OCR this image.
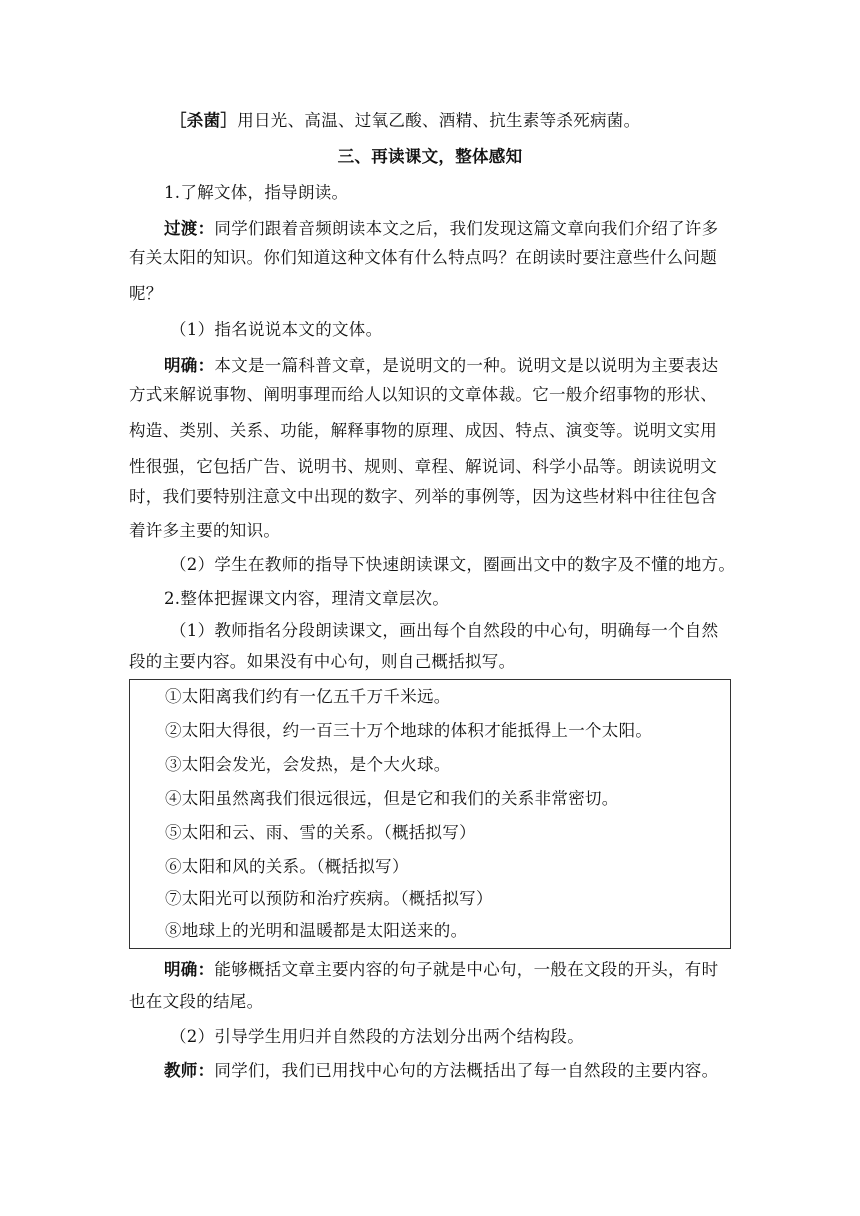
［杀菌］用日光、高温、过氧乙酸、酒精、抗生素等杀死病菌。
三、再读课文，整体感知
1.了解文体，指导朗读。
过渡：同学们跟着音频朗读本文之后，我们发现这篇文章向我们介绍了许多
有关太阳的知识。你们知道这种文体有什么特点吗？在朗读时要注意些什么问题
呢？
（1）指名说说本文的文体。
明确：本文是一篇科普文章，是说明文的一种。说明文是以说明为主要表达
方式来解说事物、阐明事理而给人以知识的文章体裁。它一般介绍事物的形状、
构造、类别、关系、功能，解释事物的原理、成因、特点、演变等。说明文实用
性很强，它包括广告、说明书、规则、章程、解说词、科学小品等。朗读说明文
时，我们要特别注意文中出现的数字、列举的事例等，因为这些材料中往往包含
着许多主要的知识。
（2）学生在教师的指导下快速朗读课文，圈画出文中的数字及不懂的地方。
2.整体把握课文内容，理清文章层次。
（1）教师指名分段朗读课文，画出每个自然段的中心句，明确每一个自然
段的主要内容。如果没有中心句，则自己概括拟写。
①太阳离我们约有一亿五千万千米远。
②太阳大得很，约一百三十万个地球的体积才能抵得上一个太阳。
③太阳会发光，会发热，是个大火球。
④太阳虽然离我们很远很远，但是它和我们的关系非常密切。
⑤太阳和云、雨、雪的关系。（概括拟写）
⑥太阳和风的关系。（概括拟写）
⑦太阳光可以预防和治疗疾病。（概括拟写）
⑧地球上的光明和温暖都是太阳送来的。
明确：能够概括文章主要内容的句子就是中心句，一般在文段的开头，有时
也在文段的结尾。
（2）引导学生用归并自然段的方法划分出两个结构段。
教师：同学们，我们已用找中心句的方法概括出了每一自然段的主要内容。
